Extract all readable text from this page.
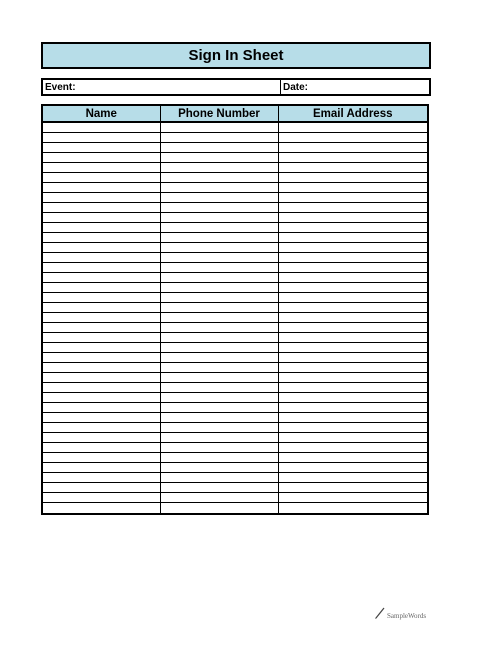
Sign In Sheet
Event:	Date:
Name	Phone Number	Email Address

SampleWords
